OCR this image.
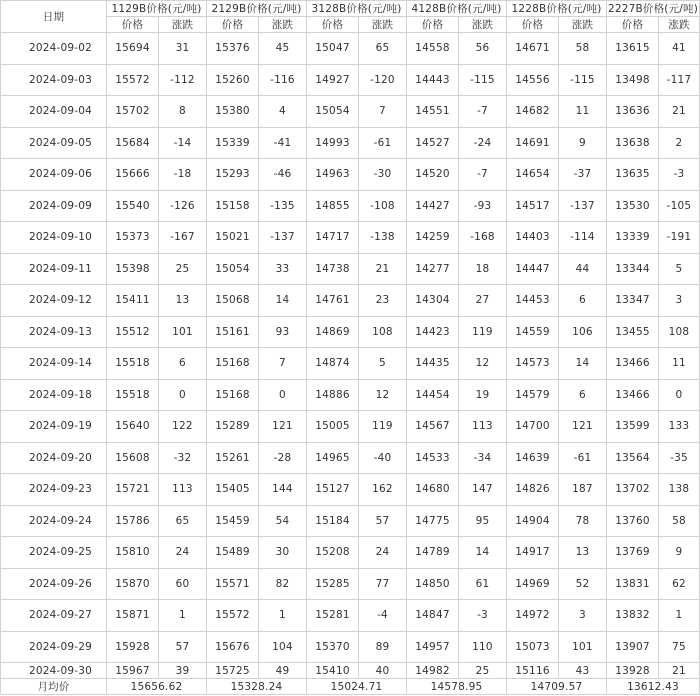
日期	1129B价格(元/吨)		2129B价格(元/吨)		3128B价格(元/吨)		4128B价格(元/吨)		1228B价格(元/吨)		2227B价格(元/吨)	
	价格	涨跌	价格	涨跌	价格	涨跌	价格	涨跌	价格	涨跌	价格	涨跌
2024-09-02	15694	31	15376	45	15047	65	14558	56	14671	58	13615	41
2024-09-03	15572	-112	15260	-116	14927	-120	14443	-115	14556	-115	13498	-117
2024-09-04	15702	8	15380	4	15054	7	14551	-7	14682	11	13636	21
2024-09-05	15684	-14	15339	-41	14993	-61	14527	-24	14691	9	13638	2
2024-09-06	15666	-18	15293	-46	14963	-30	14520	-7	14654	-37	13635	-3
2024-09-09	15540	-126	15158	-135	14855	-108	14427	-93	14517	-137	13530	-105
2024-09-10	15373	-167	15021	-137	14717	-138	14259	-168	14403	-114	13339	-191
2024-09-11	15398	25	15054	33	14738	21	14277	18	14447	44	13344	5
2024-09-12	15411	13	15068	14	14761	23	14304	27	14453	6	13347	3
2024-09-13	15512	101	15161	93	14869	108	14423	119	14559	106	13455	108
2024-09-14	15518	6	15168	7	14874	5	14435	12	14573	14	13466	11
2024-09-18	15518	0	15168	0	14886	12	14454	19	14579	6	13466	0
2024-09-19	15640	122	15289	121	15005	119	14567	113	14700	121	13599	133
2024-09-20	15608	-32	15261	-28	14965	-40	14533	-34	14639	-61	13564	-35
2024-09-23	15721	113	15405	144	15127	162	14680	147	14826	187	13702	138
2024-09-24	15786	65	15459	54	15184	57	14775	95	14904	78	13760	58
2024-09-25	15810	24	15489	30	15208	24	14789	14	14917	13	13769	9
2024-09-26	15870	60	15571	82	15285	77	14850	61	14969	52	13831	62
2024-09-27	15871	1	15572	1	15281	-4	14847	-3	14972	3	13832	1
2024-09-29	15928	57	15676	104	15370	89	14957	110	15073	101	13907	75
2024-09-30	15967	39	15725	49	15410	40	14982	25	15116	43	13928	21
月均价	15656.62		15328.24		15024.71		14578.95		14709.57		13612.43	
